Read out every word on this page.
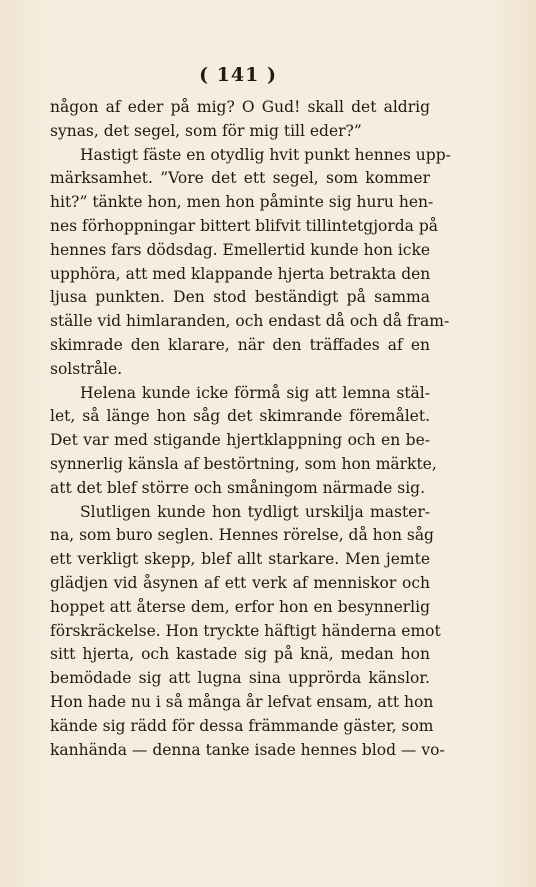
( 141 )
någon af eder på mig? O Gud! skall det aldrig
synas, det segel, som för mig till eder?”
Hastigt fäste en otydlig hvit punkt hennes upp-
märksamhet. ”Vore det ett segel, som kommer
hit?” tänkte hon, men hon påminte sig huru hen-
nes förhoppningar bittert blifvit tillintetgjorda på
hennes fars dödsdag. Emellertid kunde hon icke
upphöra, att med klappande hjerta betrakta den
ljusa punkten. Den stod beständigt på samma
ställe vid himlaranden, och endast då och då fram-
skimrade den klarare, när den träffades af en
solstråle.
Helena kunde icke förmå sig att lemna stäl-
let, så länge hon såg det skimrande föremålet.
Det var med stigande hjertklappning och en be-
synnerlig känsla af bestörtning, som hon märkte,
att det blef större och småningom närmade sig.
Slutligen kunde hon tydligt urskilja master-
na, som buro seglen. Hennes rörelse, då hon såg
ett verkligt skepp, blef allt starkare. Men jemte
glädjen vid åsynen af ett verk af menniskor och
hoppet att återse dem, erfor hon en besynnerlig
förskräckelse. Hon tryckte häftigt händerna emot
sitt hjerta, och kastade sig på knä, medan hon
bemödade sig att lugna sina upprörda känslor.
Hon hade nu i så många år lefvat ensam, att hon
kände sig rädd för dessa främmande gäster, som
kanhända — denna tanke isade hennes blod — vo-
